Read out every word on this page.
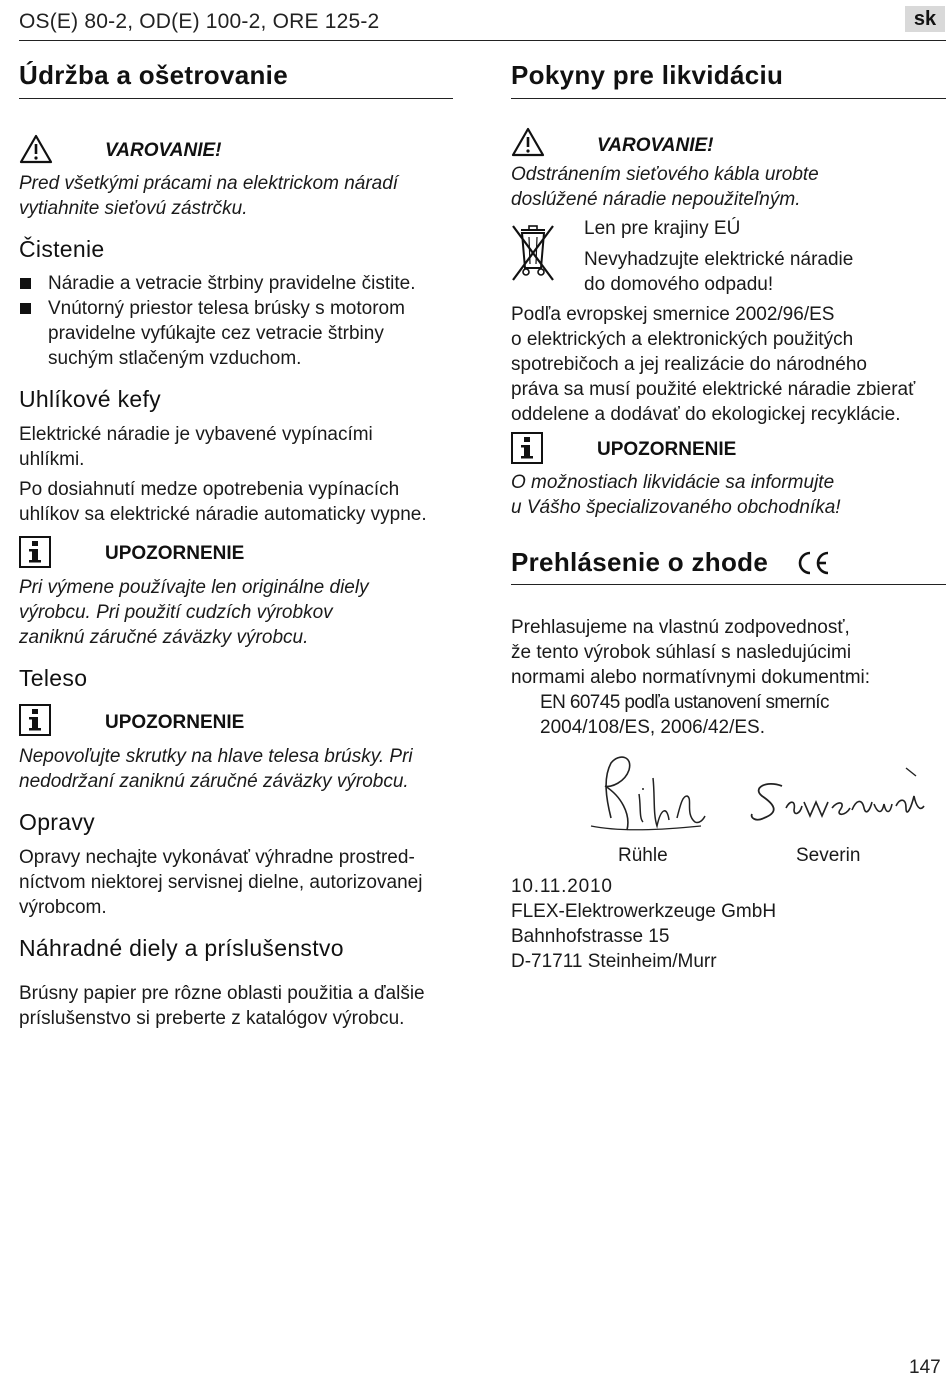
OS(E) 80-2, OD(E) 100-2, ORE 125-2	sk
Údržba a ošetrovanie
VAROVANIE!
Pred všetkými prácami na elektrickom náradí
vytiahnite sieťovú zástrčku.
Čistenie
Náradie a vetracie štrbiny pravidelne čistite.
Vnútorný priestor telesa brúsky s motorom
pravidelne vyfúkajte cez vetracie štrbiny
suchým stlačeným vzduchom.
Uhlíkové kefy
Elektrické náradie je vybavené vypínacími
uhlíkmi.
Po dosiahnutí medze opotrebenia vypínacích
uhlíkov sa elektrické náradie automaticky vypne.
UPOZORNENIE
Pri výmene používajte len originálne diely
výrobcu. Pri použití cudzích výrobkov
zaniknú záručné záväzky výrobcu.
Teleso
UPOZORNENIE
Nepovoľujte skrutky na hlave telesa brúsky. Pri
nedodržaní zaniknú záručné záväzky výrobcu.
Opravy
Opravy nechajte vykonávať výhradne prostred-
níctvom niektorej servisnej dielne, autorizovanej
výrobcom.
Náhradné diely a príslušenstvo
Brúsny papier pre rôzne oblasti použitia a ďalšie
príslušenstvo si preberte z katalógov výrobcu.
Pokyny pre likvidáciu
VAROVANIE!
Odstránením sieťového kábla urobte
doslúžené náradie nepoužiteľným.
Len pre krajiny EÚ
Nevyhadzujte elektrické náradie
do domového odpadu!
Podľa evropskej smernice 2002/96/ES
o elektrických a elektronických použitých
spotrebičoch a jej realizácie do národného
práva sa musí použité elektrické náradie zbierať
oddelene a dodávať do ekologickej recyklácie.
UPOZORNENIE
O možnostiach likvidácie sa informujte
u Vášho špecializovaného obchodníka!
Prehlásenie o zhode
Prehlasujeme na vlastnú zodpovednosť,
že tento výrobok súhlasí s nasledujúcimi
normami alebo normatívnymi dokumentmi:
EN 60745 podľa ustanovení smerníc
2004/108/ES, 2006/42/ES.
Rühle	Severin
10.11.2010
FLEX-Elektrowerkzeuge GmbH
Bahnhofstrasse 15
D-71711 Steinheim/Murr
147
